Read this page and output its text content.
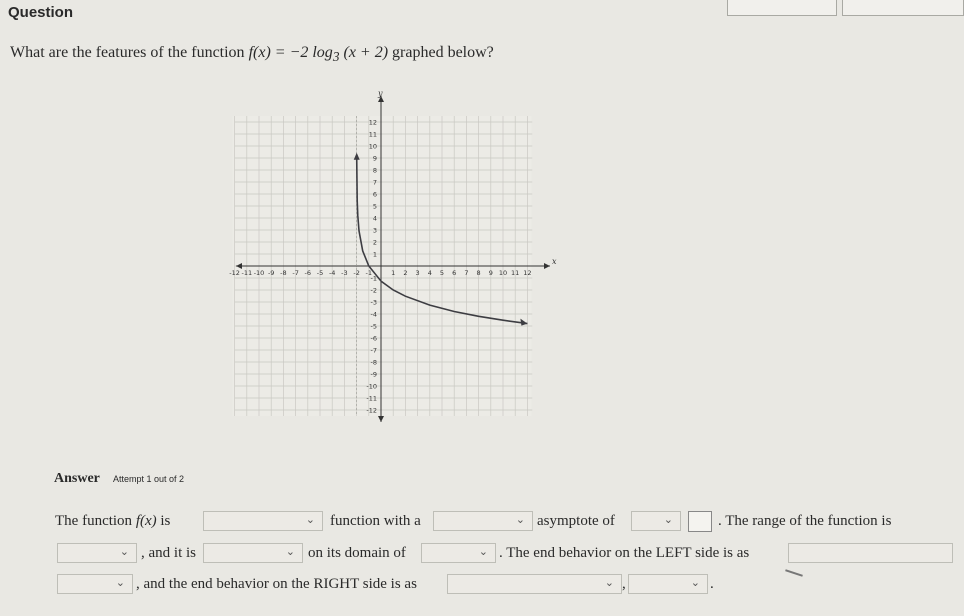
Question
What are the features of the function f(x) = −2 $\log_3 (x + 2)$ graphed below?
y
x
-12 -11 -10 -9 -8 -7 -6 -5 -4 -3 -2 -1	1 2 3 4 5 6 7 8 9 10 11 12
12
11
10
9
8
7
6
5
4
3
2
1
-1
-2
-3
-4
-5
-6
-7
-8
-9
-10
-11
-12
Answer Attempt 1 out of 2
The function f(x) is	⌄ function with a	⌄ asymptote of	⌄	. The range of the function is
⌄ , and it is	⌄ on its domain of	⌄ . The end behavior on the LEFT side is as
⌄ , and the end behavior on the RIGHT side is as	⌄ ,	⌄ .
